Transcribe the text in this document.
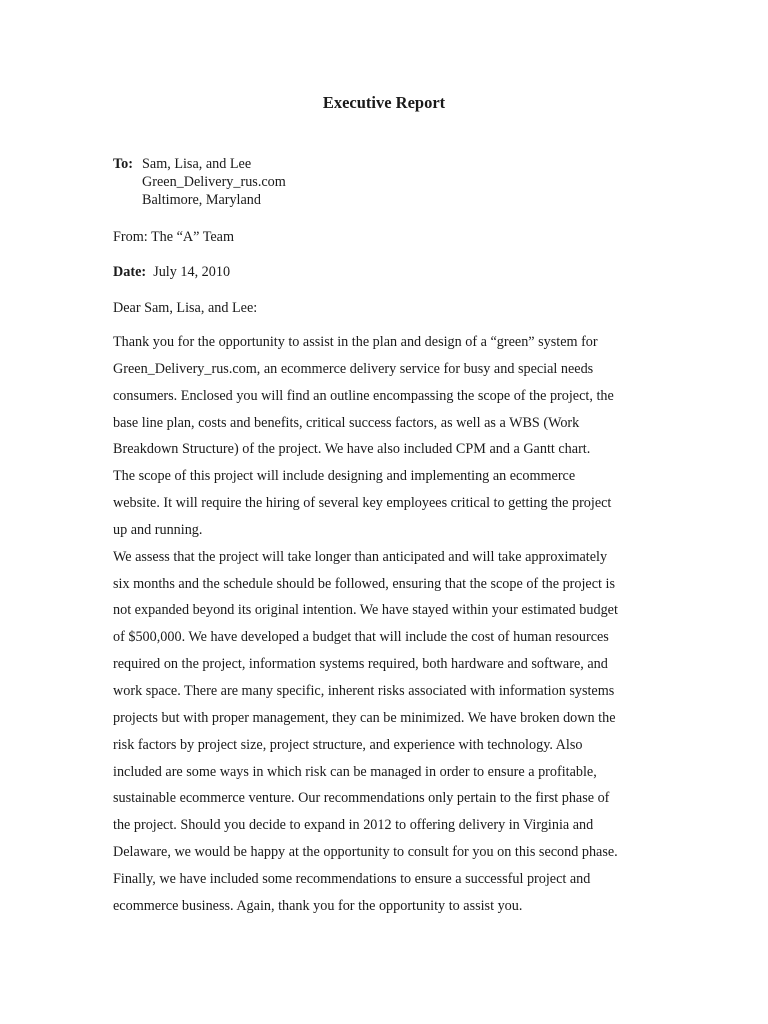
Executive Report
To: Sam, Lisa, and Lee
Green_Delivery_rus.com
Baltimore, Maryland
From: The “A” Team
Date: July 14, 2010
Dear Sam, Lisa, and Lee:
Thank you for the opportunity to assist in the plan and design of a “green” system for
Green_Delivery_rus.com, an ecommerce delivery service for busy and special needs
consumers. Enclosed you will find an outline encompassing the scope of the project, the
base line plan, costs and benefits, critical success factors, as well as a WBS (Work
Breakdown Structure) of the project. We have also included CPM and a Gantt chart.
The scope of this project will include designing and implementing an ecommerce
website. It will require the hiring of several key employees critical to getting the project
up and running.
We assess that the project will take longer than anticipated and will take approximately
six months and the schedule should be followed, ensuring that the scope of the project is
not expanded beyond its original intention. We have stayed within your estimated budget
of $500,000. We have developed a budget that will include the cost of human resources
required on the project, information systems required, both hardware and software, and
work space. There are many specific, inherent risks associated with information systems
projects but with proper management, they can be minimized. We have broken down the
risk factors by project size, project structure, and experience with technology. Also
included are some ways in which risk can be managed in order to ensure a profitable,
sustainable ecommerce venture. Our recommendations only pertain to the first phase of
the project. Should you decide to expand in 2012 to offering delivery in Virginia and
Delaware, we would be happy at the opportunity to consult for you on this second phase.
Finally, we have included some recommendations to ensure a successful project and
ecommerce business. Again, thank you for the opportunity to assist you.
